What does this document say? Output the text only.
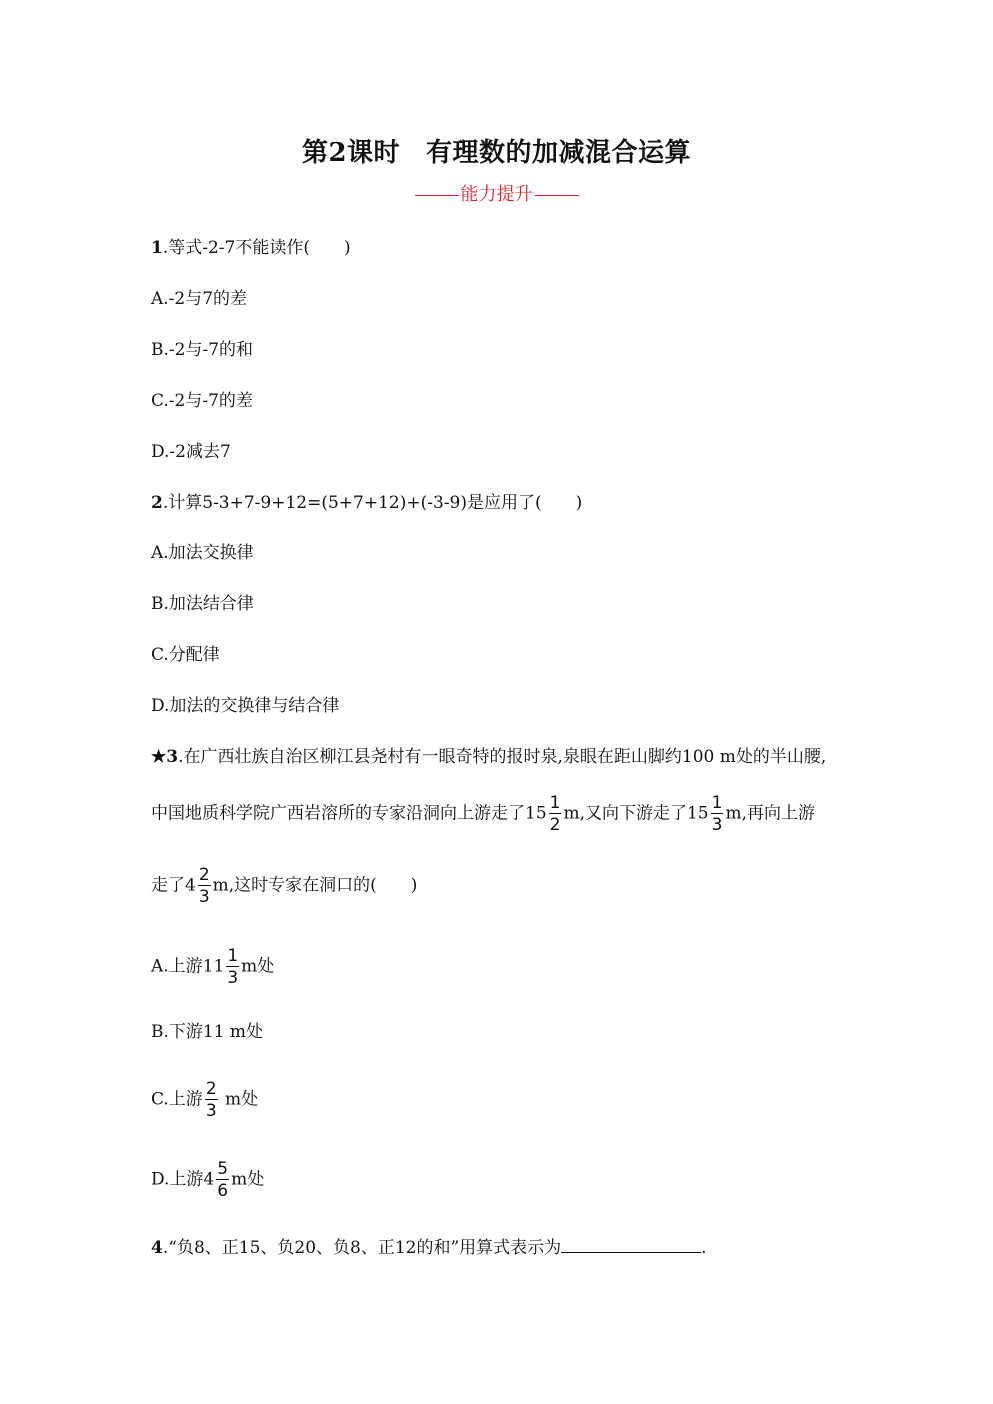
第2课时 有理数的加减混合运算
能力提升
1.等式-2-7不能读作(　　)
A.-2与7的差
B.-2与-7的和
C.-2与-7的差
D.-2减去7
2.计算5-3+7-9+12=(5+7+12)+(-3-9)是应用了(　　)
A.加法交换律
B.加法结合律
C.分配律
D.加法的交换律与结合律
★3.在广西壮族自治区柳江县尧村有一眼奇特的报时泉,泉眼在距山脚约100 m处的半山腰,
中国地质科学院广西岩溶所的专家沿洞向上游走了$15 \frac{1}{2} m$,又向下游走了$15 \frac{1}{3} m$,再向上游
走了$4 \frac{2}{3} m$,这时专家在洞口的(　　)
A.上游$11 \frac{1}{3}$ m处
B.下游11 m处
C.上游 $\frac{2}{3}$ m处
D.上游$4 \frac{5}{6}$ m处
4.“负8、正15、负20、负8、正12的和”用算式表示为	.
